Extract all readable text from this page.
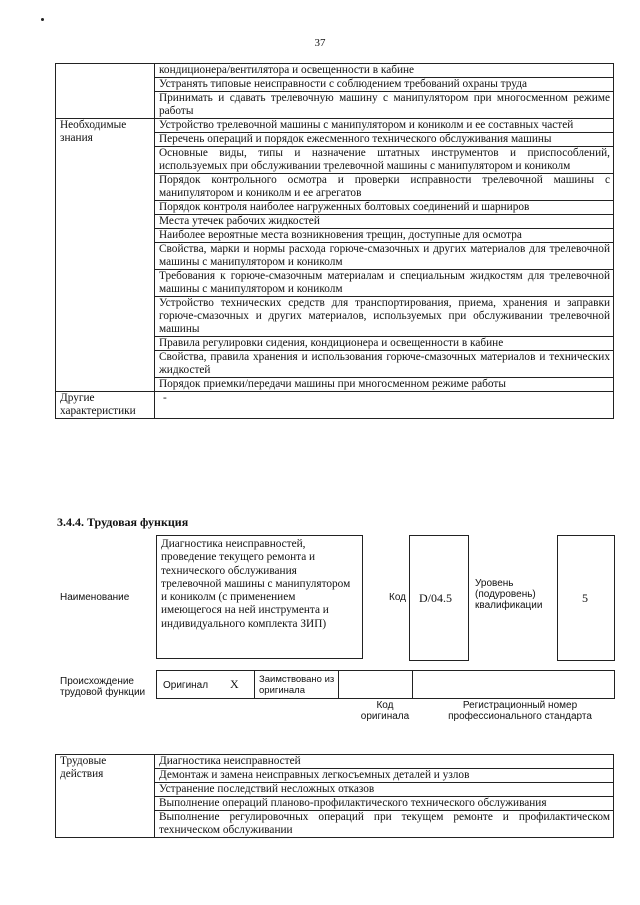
37
	кондиционера/вентилятора и освещенности в кабине
	Устранять типовые неисправности с соблюдением требований охраны труда
	Принимать и сдавать трелевочную машину с манипулятором при многосменном режиме работы
Необходимые знания	Устройство трелевочной машины с манипулятором и кониколм и ее составных частей
	Перечень операций и порядок ежесменного технического обслуживания машины
	Основные виды, типы и назначение штатных инструментов и приспособлений, используемых при обслуживании трелевочной машины с манипулятором и кониколм
	Порядок контрольного осмотра и проверки исправности трелевочной машины с манипулятором и кониколм и ее агрегатов
	Порядок контроля наиболее нагруженных болтовых соединений и шарниров
	Места утечек рабочих жидкостей
	Наиболее вероятные места возникновения трещин, доступные для осмотра
	Свойства, марки и нормы расхода горюче-смазочных и других материалов для трелевочной машины с манипулятором и кониколм
	Требования к горюче-смазочным материалам и специальным жидкостям для трелевочной машины с манипулятором и кониколм
	Устройство технических средств для транспортирования, приема, хранения и заправки горюче-смазочных и других материалов, используемых при обслуживании трелевочной машины
	Правила регулировки сидения, кондиционера и освещенности в кабине
	Свойства, правила хранения и использования горюче-смазочных материалов и технических жидкостей
	Порядок приемки/передачи машины при многосменном режиме работы
Другие характеристики	-
3.4.4. Трудовая функция
Наименование
Диагностика неисправностей, проведение текущего ремонта и технического обслуживания трелевочной машины с манипулятором и кониколм (с применением имеющегося на ней инструмента и индивидуального комплекта ЗИП)
Код D/04.5
Уровень (подуровень) квалификации
5
Происхождение трудовой функции
Оригинал X Заимствовано из оригинала
Код оригинала
Регистрационный номер профессионального стандарта
Трудовые действия	Диагностика неисправностей
Демонтаж и замена неисправных легкосъемных деталей и узлов
Устранение последствий несложных отказов
Выполнение операций планово-профилактического технического обслуживания
Выполнение регулировочных операций при текущем ремонте и профилактическом техническом обслуживании
